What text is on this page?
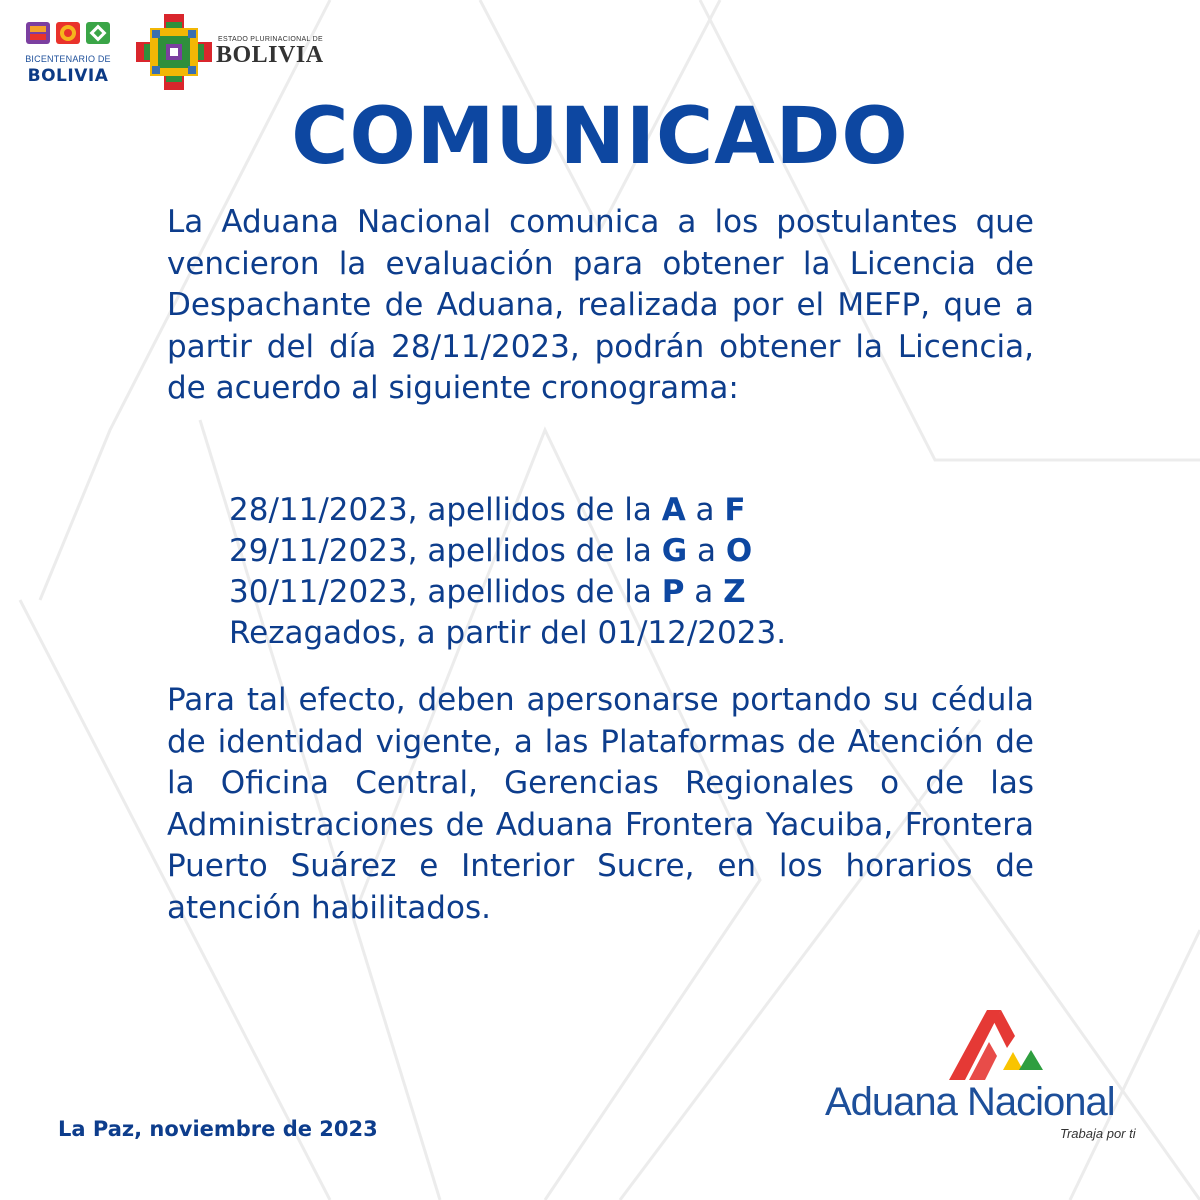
BICENTENARIO DE
BOLIVIA
ESTADO PLURINACIONAL DE
BOLIVIA
COMUNICADO

La Aduana Nacional comunica a los postulantes que vencieron la evaluación para obtener la Licencia de Despachante de Aduana, realizada por el MEFP, que a partir del día 28/11/2023, podrán obtener la Licencia, de acuerdo al siguiente cronograma:

28/11/2023, apellidos de la A a F
29/11/2023, apellidos de la G a O
30/11/2023, apellidos de la P a Z
Rezagados, a partir del 01/12/2023.

Para tal efecto, deben apersonarse portando su cédula de identidad vigente, a las Plataformas de Atención de la Oficina Central, Gerencias Regionales o de las Administraciones de Aduana Frontera Yacuiba, Frontera Puerto Suárez e Interior Sucre, en los horarios de atención habilitados.

La Paz, noviembre de 2023
Aduana Nacional
Trabaja por ti
